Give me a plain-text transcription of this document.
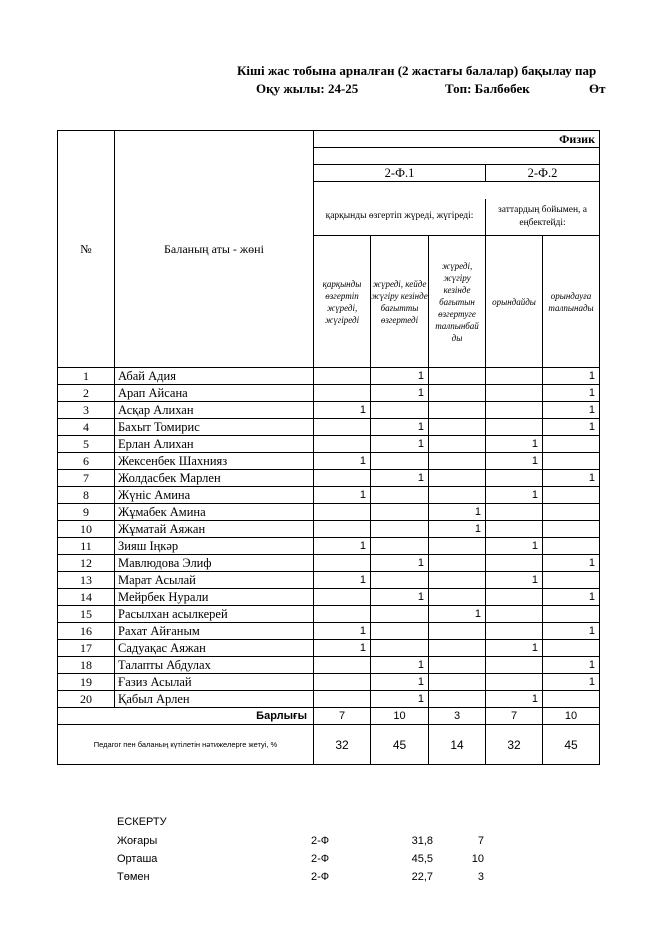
Кіші жас тобына арналған (2 жастағы балалар) бақылау пар
Оқу жылы: 24-25	Топ: Балбөбек	Өт
№	Баланың аты - жөні	Физик				

		2-Ф.1			2-Ф.2	

		қарқынды өзгертіп жүреді, жүгіреді:			заттардың бойымен, а еңбектейді:	
		қарқынды өзгертіп жүреді, жүгіреді	жүреді, кейде жүгіру кезінде бағытты өзгертеді	жүреді, жүгіру кезінде бағытын өзгертуге талпынбай ды	орындайды	орындауға талпынады
1	Абай Адия		1			1
2	Арап Айсана		1			1
3	Асқар Алихан	1				1
4	Бахыт Томирис		1			1
5	Ерлан Алихан		1		1	
6	Жексенбек Шахнияз	1			1	
7	Жолдасбек Марлен		1			1
8	Жүніс Амина	1			1	
9	Жұмабек Амина			1		
10	Жұматай Аяжан			1		
11	Зияш Іңкәр	1			1	
12	Мавлюдова Элиф		1			1
13	Марат Асылай	1			1	
14	Мейрбек Нурали		1			1
15	Расылхан асылкерей			1		
16	Рахат Айғаным	1				1
17	Садуақас Аяжан	1			1	
18	Талапты Абдулах		1			1
19	Ғазиз Асылай		1			1
20	Қабыл Арлен		1		1	
Барлығы		7	10	3	7	10
Педагог пен баланың күтілетін нәтижелерге жетуі, %		32	45	14	32	45
ЕСКЕРТУ
Жоғары	2-Ф	31,8	7
Орташа	2-Ф	45,5	10
Төмен	2-Ф	22,7	3
